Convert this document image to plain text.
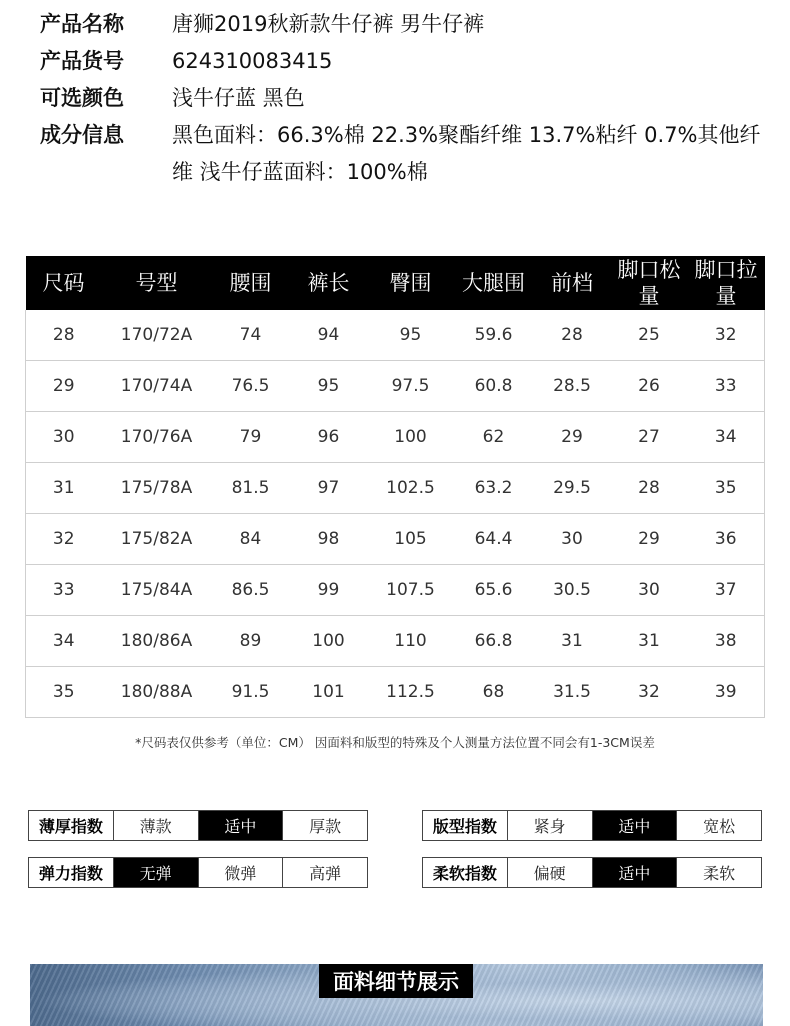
产品名称	唐狮2019秋新款牛仔裤 男牛仔裤
产品货号	624310083415
可选颜色	浅牛仔蓝 黑色
成分信息	黑色面料：66.3%棉 22.3%聚酯纤维 13.7%粘纤 0.7%其他纤维 浅牛仔蓝面料：100%棉
尺码	号型	腰围	裤长	臀围	大腿围	前档	脚口松量	脚口拉量
28	170/72A	74	94	95	59.6	28	25	32
29	170/74A	76.5	95	97.5	60.8	28.5	26	33
30	170/76A	79	96	100	62	29	27	34
31	175/78A	81.5	97	102.5	63.2	29.5	28	35
32	175/82A	84	98	105	64.4	30	29	36
33	175/84A	86.5	99	107.5	65.6	30.5	30	37
34	180/86A	89	100	110	66.8	31	31	38
35	180/88A	91.5	101	112.5	68	31.5	32	39
*尺码表仅供参考（单位：CM） 因面料和版型的特殊及个人测量方法位置不同会有1-3CM误差
薄厚指数	薄款	适中	厚款	版型指数	紧身	适中	宽松
弹力指数	无弹	微弹	高弹	柔软指数	偏硬	适中	柔软
面料细节展示
